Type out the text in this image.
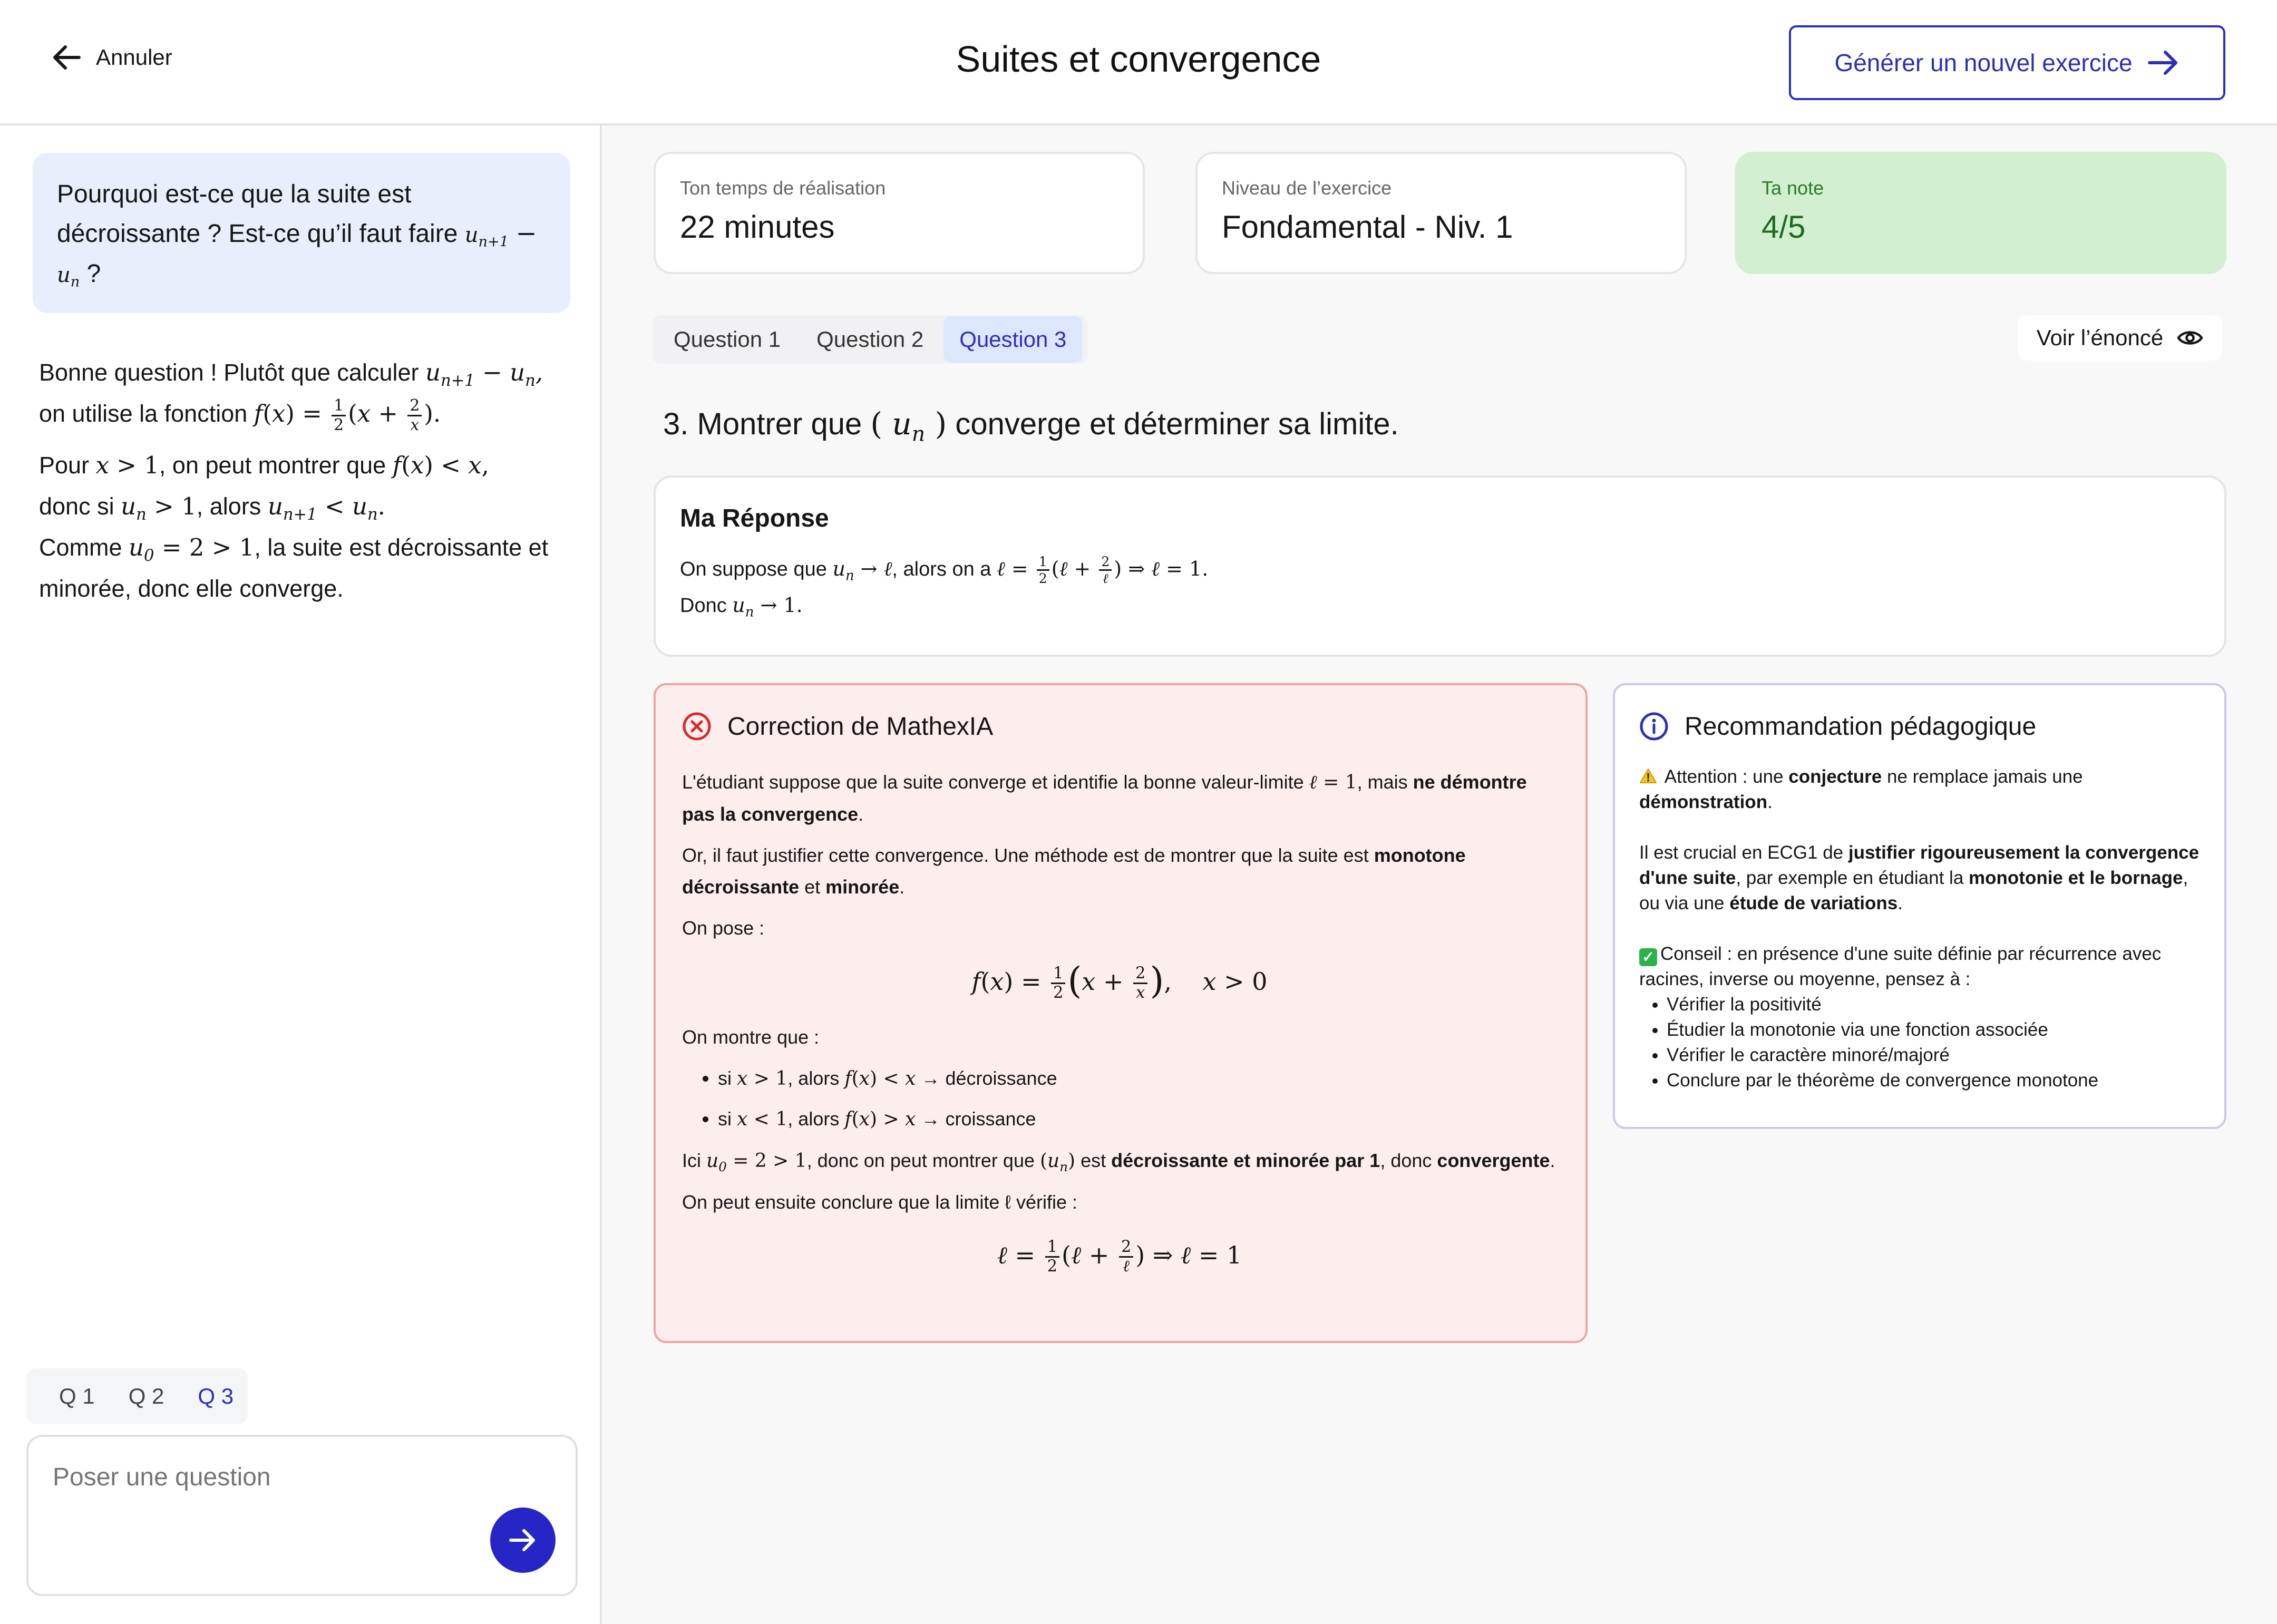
Annuler	Suites et convergence	Générer un nouvel exercice
Pourquoi est-ce que la suite est décroissante ? Est-ce qu’il faut faire $u_{n+1}$ −
$u_n$ ?

Bonne question ! Plutôt que calculer $u_{n+1} - u_n$,
on utilise la fonction $f(x) = \frac{1}{2} (x + \frac{2}{x}$ ).

Pour x > 1, on peut montrer que f(x) < x,
donc si $u_n > 1$, alors $u_{n+1} < u_n$.
Comme $u_0 = 2 > 1$, la suite est décroissante et minorée, donc elle converge.

Q 1	Q 2	Q 3
Poser une question
Ton temps de réalisation
22 minutes
Niveau de l’exercice
Fondamental - Niv. 1
Ta note
4/5
Question 1	Question 2	Question 3	Voir l’énoncé
3. Montrer que ( $u_n$ ) converge et déterminer sa limite.
Ma Réponse
On suppose que $u_n$ → ℓ, alors on a ℓ = $\frac{1}{2}$ (ℓ + $\frac{2}{\text{ℓ}}$ ) ⇒ ℓ = 1.
Donc $u_n \to 1$.
Correction de MathexIA

L'étudiant suppose que la suite converge et identifie la bonne valeur-limite ℓ = 1, mais ne démontre pas la convergence.

Or, il faut justifier cette convergence. Une méthode est de montrer que la suite est monotone décroissante et minorée.

On pose :

$f(x) = \frac{1}{2} (x + \frac{2}{x}$ ),    x > 0

On montre que :

• si x > 1, alors f(x) < x → décroissance
• si x < 1, alors f(x) > x → croissance

Ici $u_0 = 2 > 1$, donc on peut montrer que $(u_n)$ est décroissante et minorée par 1, donc convergente.

On peut ensuite conclure que la limite ℓ vérifie :

ℓ = $\frac{1}{2}$ (ℓ + $\frac{2}{\text{ℓ}}$ ) ⇒ ℓ = 1
Recommandation pédagogique

Attention : une conjecture ne remplace jamais une démonstration.

Il est crucial en ECG1 de justifier rigoureusement la convergence d'une suite, par exemple en étudiant la monotonie et le bornage, ou via une étude de variations.

✓ Conseil : en présence d'une suite définie par récurrence avec racines, inverse ou moyenne, pensez à :

• Vérifier la positivité
• Étudier la monotonie via une fonction associée
• Vérifier le caractère minoré/majoré
• Conclure par le théorème de convergence monotone
